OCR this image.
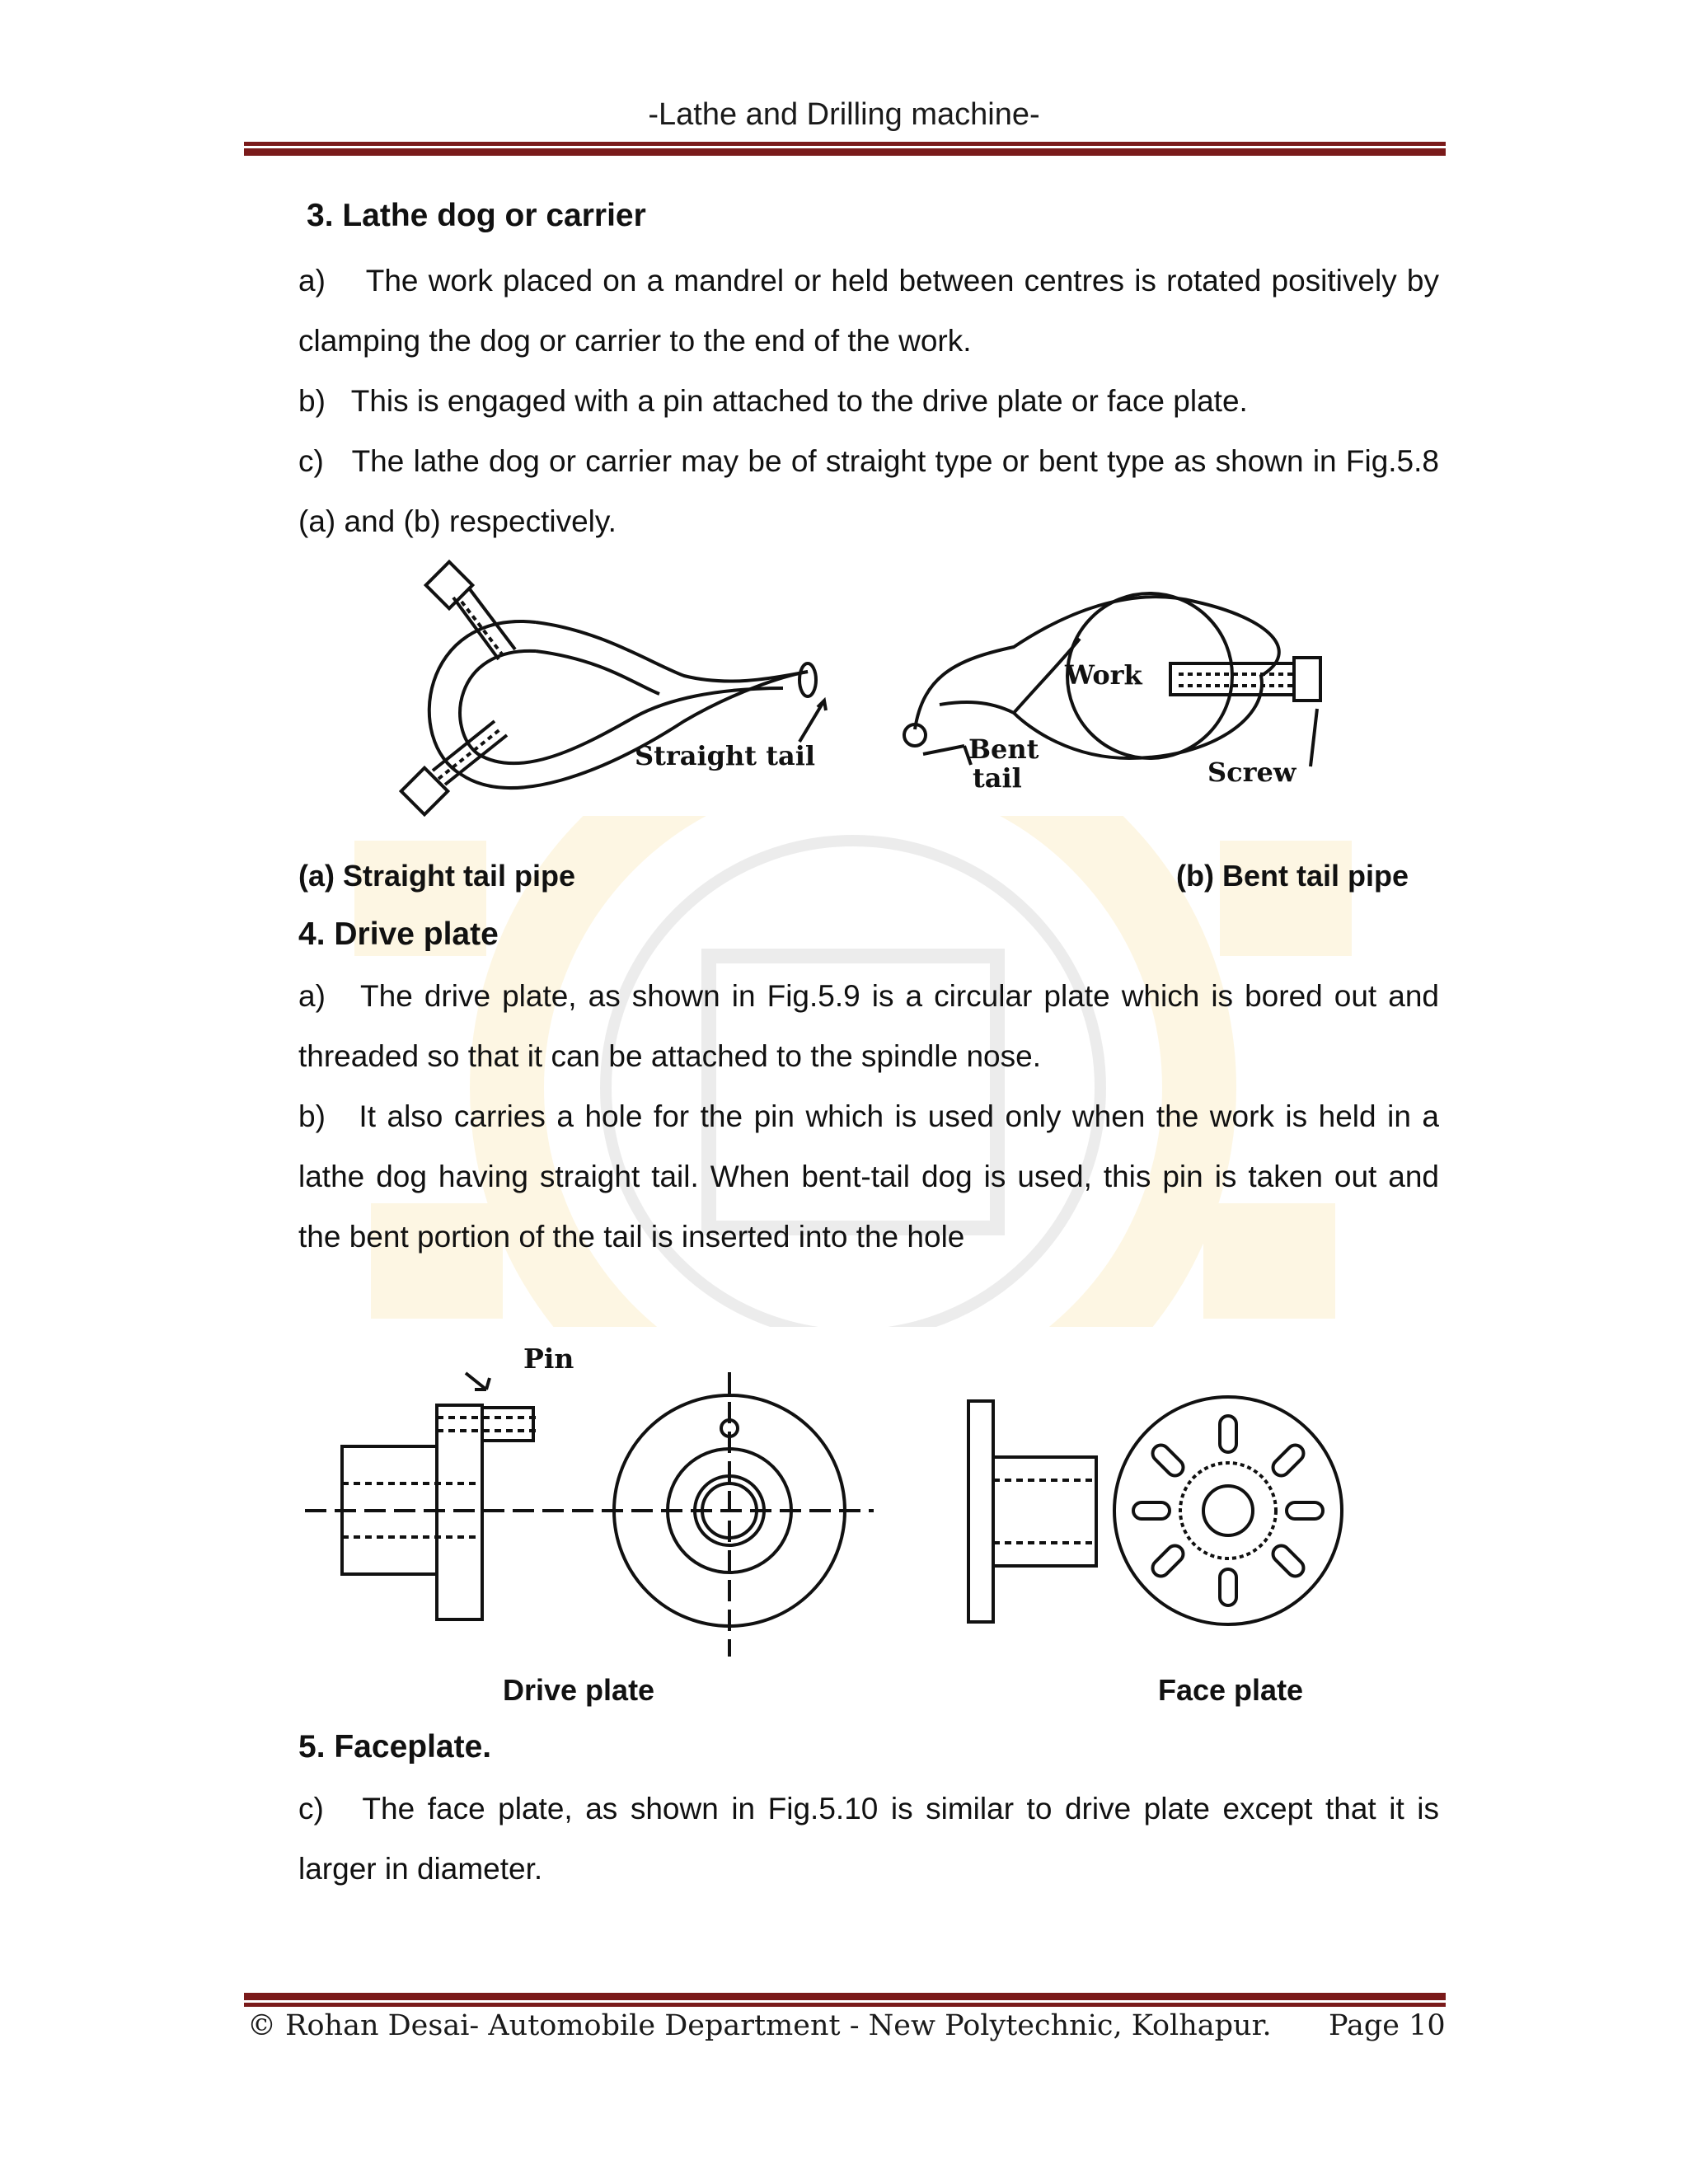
-Lathe and Drilling machine-
3. Lathe dog or carrier
a)    The work placed on a mandrel or held between centres is rotated positively by clamping the dog or carrier to the end of the work.
b)   This is engaged with a pin attached to the drive plate or face plate.
c)   The lathe dog or carrier may be of straight type or bent type as shown in Fig.5.8 (a) and (b) respectively.
Straight tail
Work
Bent
tail	Screw
(a) Straight tail pipe	(b) Bent tail pipe
4. Drive plate
a)   The drive plate, as shown in Fig.5.9 is a circular plate which is bored out and threaded so that it can be attached to the spindle nose.
b)   It also carries a hole for the pin which is used only when the work is held in a lathe dog having straight tail. When bent-tail dog is used, this pin is taken out and the bent portion of the tail is inserted into the hole
Pin
Drive plate	Face plate
5. Faceplate.
c)   The face plate, as shown in Fig.5.10 is similar to drive plate except that it is larger in diameter.
© Rohan Desai- Automobile Department - New Polytechnic, Kolhapur. Page 10
